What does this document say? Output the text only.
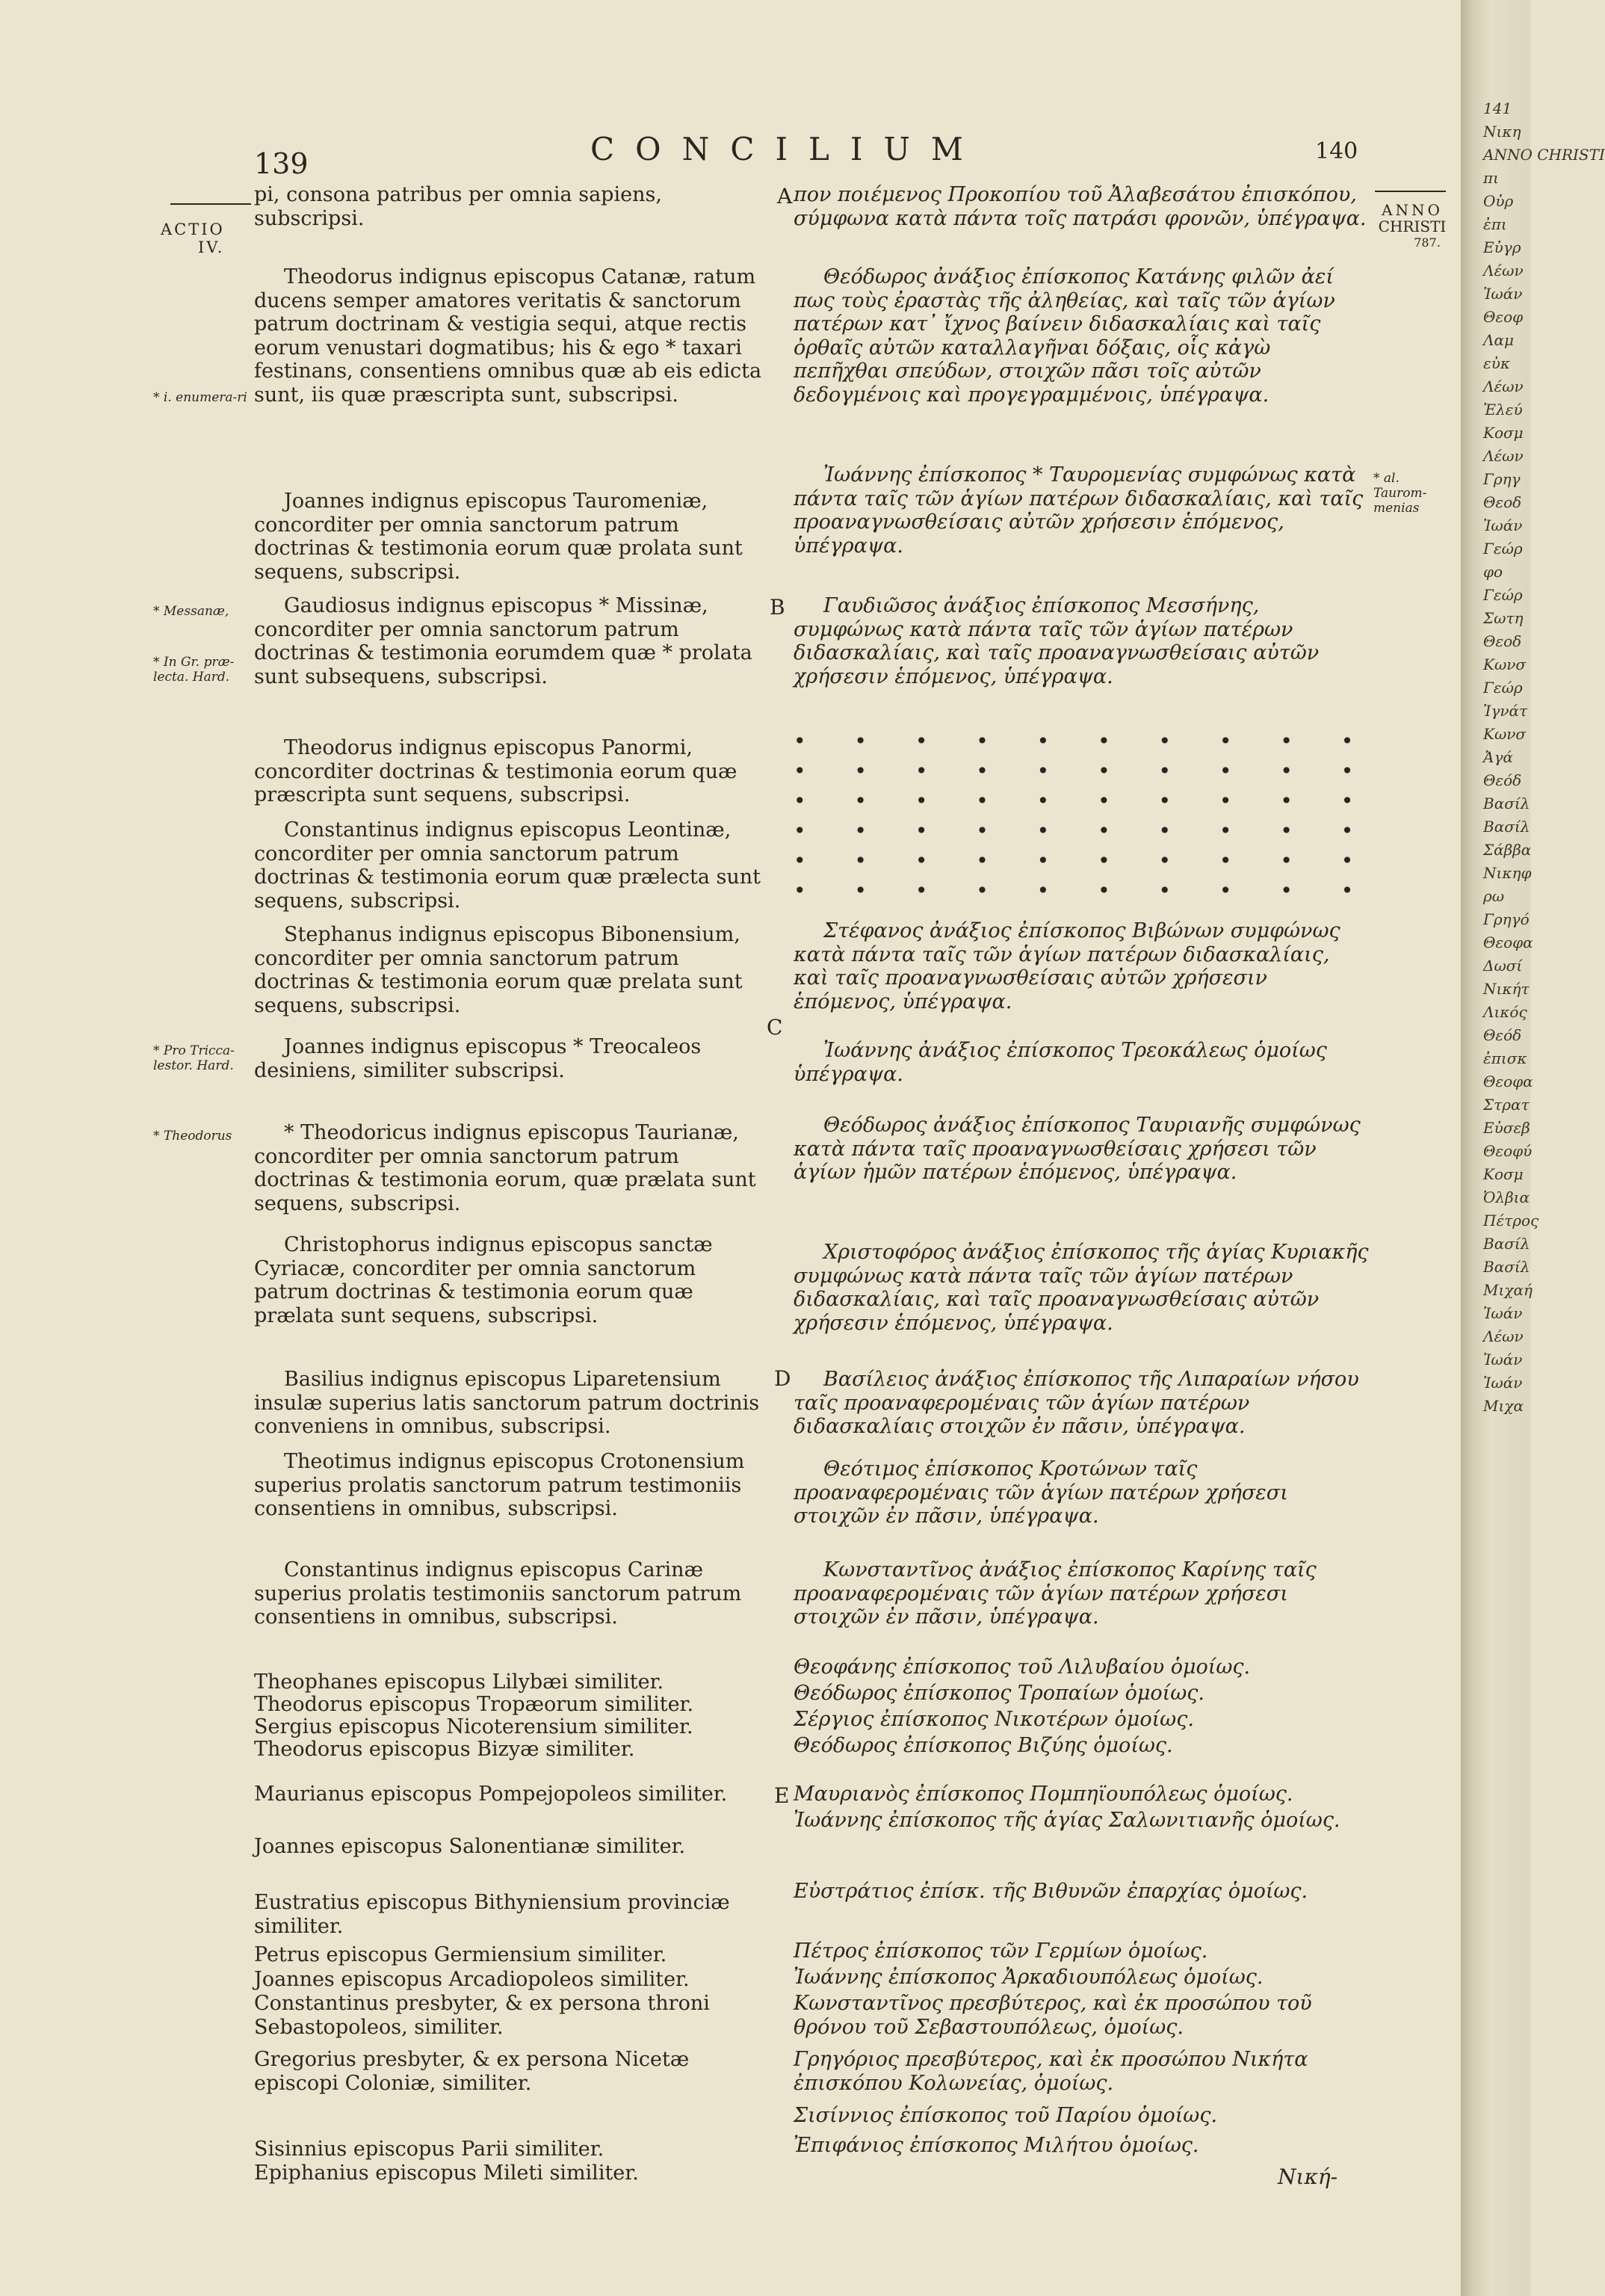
139	CONCILIUM	140
ACTIO
IV.
ANNO
CHRISTI
787.
* i. enumera-ri
* Messanæ,
* In Gr. præ-lecta. Hard.
* Pro Tricca-lestor. Hard.
* Theodorus
* al. Taurom-menias
A
B
C
D
E

pi, consona patribus per omnia sapiens, subscripsi.

Theodorus indignus episcopus Catanæ, ratum ducens semper amatores veritatis & sanctorum patrum doctrinam & vestigia sequi, atque rectis eorum venustari dogmatibus; his & ego * taxari festinans, consentiens omnibus quæ ab eis edicta sunt, iis quæ præscripta sunt, subscripsi.

Joannes indignus episcopus Tauromeniæ, concorditer per omnia sanctorum patrum doctrinas & testimonia eorum quæ prolata sunt sequens, subscripsi.

Gaudiosus indignus episcopus * Missinæ, concorditer per omnia sanctorum patrum doctrinas & testimonia eorumdem quæ * prolata sunt subsequens, subscripsi.

Theodorus indignus episcopus Panormi, concorditer doctrinas & testimonia eorum quæ præscripta sunt sequens, subscripsi.

Constantinus indignus episcopus Leontinæ, concorditer per omnia sanctorum patrum doctrinas & testimonia eorum quæ prælecta sunt sequens, subscripsi.

Stephanus indignus episcopus Bibonensium, concorditer per omnia sanctorum patrum doctrinas & testimonia eorum quæ prelata sunt sequens, subscripsi.

Joannes indignus episcopus * Treocaleos desiniens, similiter subscripsi.

* Theodoricus indignus episcopus Taurianæ, concorditer per omnia sanctorum patrum doctrinas & testimonia eorum, quæ prælata sunt sequens, subscripsi.

Christophorus indignus episcopus sanctæ Cyriacæ, concorditer per omnia sanctorum patrum doctrinas & testimonia eorum quæ prælata sunt sequens, subscripsi.

Basilius indignus episcopus Liparetensium insulæ superius latis sanctorum patrum doctrinis conveniens in omnibus, subscripsi.

Theotimus indignus episcopus Crotonensium superius prolatis sanctorum patrum testimoniis consentiens in omnibus, subscripsi.

Constantinus indignus episcopus Carinæ superius prolatis testimoniis sanctorum patrum consentiens in omnibus, subscripsi.

Theophanes episcopus Lilybæi similiter.

Theodorus episcopus Tropæorum similiter.

Sergius episcopus Nicoterensium similiter.

Theodorus episcopus Bizyæ similiter.

Maurianus episcopus Pompejopoleos similiter.

Joannes episcopus Salonentianæ similiter.

Eustratius episcopus Bithyniensium provinciæ similiter.

Petrus episcopus Germiensium similiter.

Joannes episcopus Arcadiopoleos similiter.

Constantinus presbyter, & ex persona throni Sebastopoleos, similiter.

Gregorius presbyter, & ex persona Nicetæ episcopi Coloniæ, similiter.

Sisinnius episcopus Parii similiter.

Epiphanius episcopus Mileti similiter.

πον ποιέμενος Προκοπίου τοῦ Ἀλαβεσάτου ἐπισκόπου, σύμφωνα κατὰ πάντα τοῖς πατράσι φρονῶν, ὑπέγραψα.

Θεόδωρος ἀνάξιος ἐπίσκοπος Κατάνης φιλῶν ἀεί πως τοὺς ἐραστὰς τῆς ἀληθείας, καὶ ταῖς τῶν ἁγίων πατέρων κατ᾽ ἴχνος βαίνειν διδασκαλίαις καὶ ταῖς ὀρθαῖς αὐτῶν καταλλαγῆναι δόξαις, οἷς κἀγὼ πεπῆχθαι σπεύδων, στοιχῶν πᾶσι τοῖς αὐτῶν δεδογμένοις καὶ προγεγραμμένοις, ὑπέγραψα.

Ἰωάννης ἐπίσκοπος * Ταυρομενίας συμφώνως κατὰ πάντα ταῖς τῶν ἁγίων πατέρων διδασκαλίαις, καὶ ταῖς προαναγνωσθείσαις αὐτῶν χρήσεσιν ἑπόμενος, ὑπέγραψα.

Γαυδιῶσος ἀνάξιος ἐπίσκοπος Μεσσήνης, συμφώνως κατὰ πάντα ταῖς τῶν ἁγίων πατέρων διδασκαλίαις, καὶ ταῖς προαναγνωσθείσαις αὐτῶν χρήσεσιν ἑπόμενος, ὑπέγραψα.

Στέφανος ἀνάξιος ἐπίσκοπος Βιβώνων συμφώνως κατὰ πάντα ταῖς τῶν ἁγίων πατέρων διδασκαλίαις, καὶ ταῖς προαναγνωσθείσαις αὐτῶν χρήσεσιν ἑπόμενος, ὑπέγραψα.

Ἰωάννης ἀνάξιος ἐπίσκοπος Τρεοκάλεως ὁμοίως ὑπέγραψα.

Θεόδωρος ἀνάξιος ἐπίσκοπος Ταυριανῆς συμφώνως κατὰ πάντα ταῖς προαναγνωσθείσαις χρήσεσι τῶν ἁγίων ἡμῶν πατέρων ἑπόμενος, ὑπέγραψα.

Χριστοφόρος ἀνάξιος ἐπίσκοπος τῆς ἁγίας Κυριακῆς συμφώνως κατὰ πάντα ταῖς τῶν ἁγίων πατέρων διδασκαλίαις, καὶ ταῖς προαναγνωσθείσαις αὐτῶν χρήσεσιν ἑπόμενος, ὑπέγραψα.

Βασίλειος ἀνάξιος ἐπίσκοπος τῆς Λιπαραίων νήσου ταῖς προαναφερομέναις τῶν ἁγίων πατέρων διδασκαλίαις στοιχῶν ἐν πᾶσιν, ὑπέγραψα.

Θεότιμος ἐπίσκοπος Κροτώνων ταῖς προαναφερομέναις τῶν ἁγίων πατέρων χρήσεσι στοιχῶν ἐν πᾶσιν, ὑπέγραψα.

Κωνσταντῖνος ἀνάξιος ἐπίσκοπος Καρίνης ταῖς προαναφερομέναις τῶν ἁγίων πατέρων χρήσεσι στοιχῶν ἐν πᾶσιν, ὑπέγραψα.

Θεοφάνης ἐπίσκοπος τοῦ Λιλυβαίου ὁμοίως.

Θεόδωρος ἐπίσκοπος Τροπαίων ὁμοίως.

Σέργιος ἐπίσκοπος Νικοτέρων ὁμοίως.

Θεόδωρος ἐπίσκοπος Βιζύης ὁμοίως.

Μαυριανὸς ἐπίσκοπος Πομπηϊουπόλεως ὁμοίως.

Ἰωάννης ἐπίσκοπος τῆς ἁγίας Σαλωνιτιανῆς ὁμοίως.

Εὐστράτιος ἐπίσκ. τῆς Βιθυνῶν ἐπαρχίας ὁμοίως.

Πέτρος ἐπίσκοπος τῶν Γερμίων ὁμοίως.

Ἰωάννης ἐπίσκοπος Ἀρκαδιουπόλεως ὁμοίως.

Κωνσταντῖνος πρεσβύτερος, καὶ ἐκ προσώπου τοῦ θρόνου τοῦ Σεβαστουπόλεως, ὁμοίως.

Γρηγόριος πρεσβύτερος, καὶ ἐκ προσώπου Νικήτα ἐπισκόπου Κολωνείας, ὁμοίως.

Σισίννιος ἐπίσκοπος τοῦ Παρίου ὁμοίως.

Ἐπιφάνιος ἐπίσκοπος Μιλήτου ὁμοίως.

• • • • • • • • • •
• • • • • • • • • •
• • • • • • • • • •
• • • • • • • • • •
• • • • • • • • • •
• • • • • • • • • •
Νική-
141
Νικη
ANNO CHRISTI
πι
Οὐρ
ἐπι
Εὐγρ
Λέων
Ἰωάν
Θεοφ
Λαμ
εὐκ
Λέων
Ἐλεύ
Κοσμ
Λέων
Γρηγ
Θεοδ
Ἰωάν
Γεώρ
φο
Γεώρ
Σωτη
Θεοδ
Κωνσ
Γεώρ
Ἰγνάτ
Κωνσ
Ἀγά
Θεόδ
Βασίλ
Βασίλ
Σάββα
Νικηφ
ρω
Γρηγό
Θεοφα
Δωσί
Νικήτ
Λικός
Θεόδ
ἐπισκ
Θεοφα
Στρατ
Εὐσεβ
Θεοφύ
Κοσμ
Ὀλβια
Πέτρος
Βασίλ
Βασίλ
Μιχαή
Ἰωάν
Λέων
Ἰωάν
Ἰωάν
Μιχα
